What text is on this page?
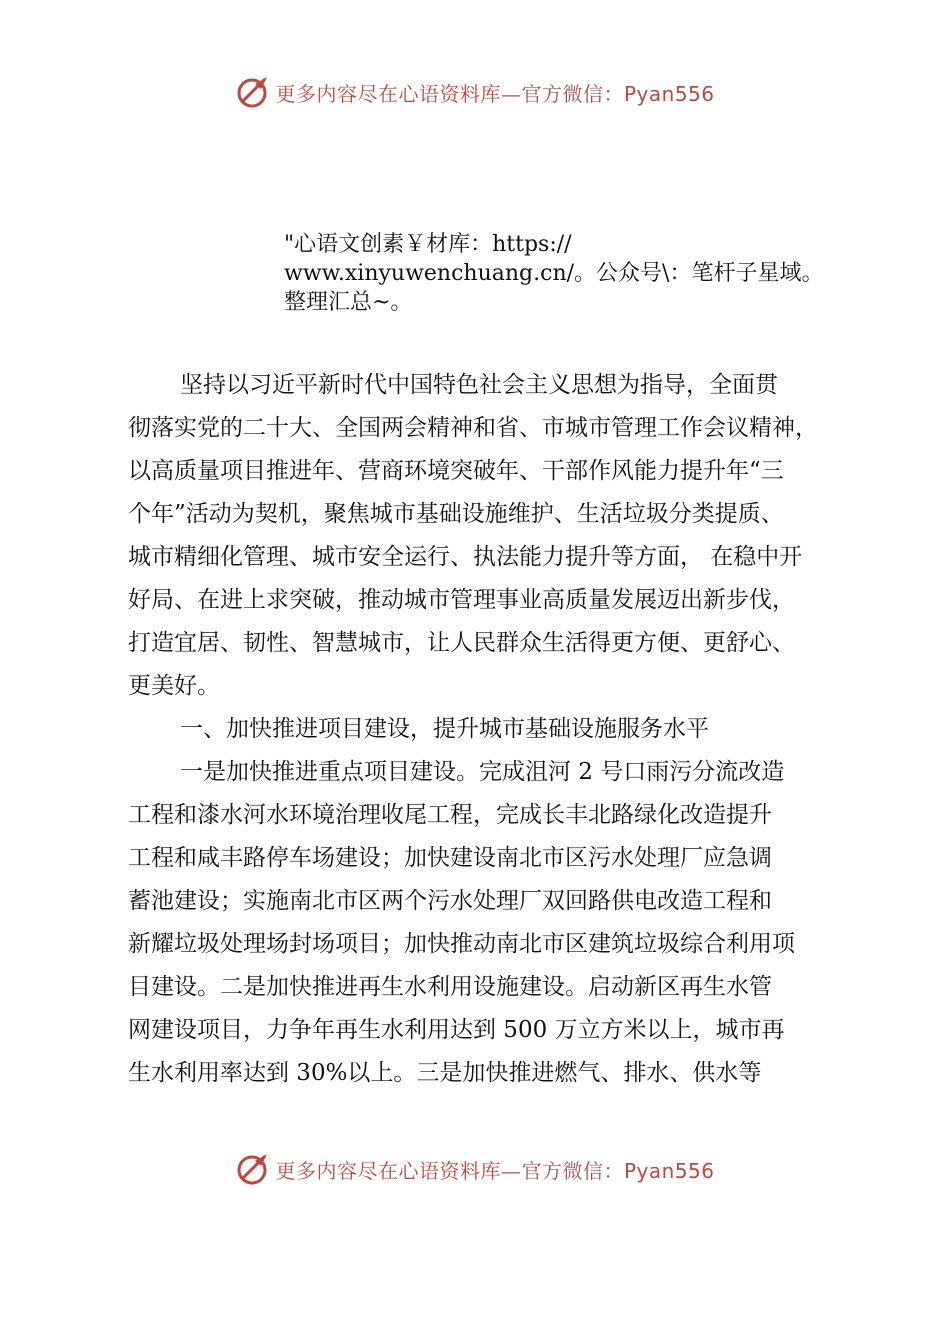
更多内容尽在心语资料库—官方微信：Pyan556
"心语文创素￥材库：https://
www.xinyuwenchuang.cn/。公众号\：笔杆子星域。
整理汇总~。
坚持以习近平新时代中国特色社会主义思想为指导，全面贯
彻落实党的二十大、全国两会精神和省、市城市管理工作会议精神，
以高质量项目推进年、营商环境突破年、干部作风能力提升年“三
个年”活动为契机，聚焦城市基础设施维护、生活垃圾分类提质、
城市精细化管理、城市安全运行、执法能力提升等方面， 在稳中开
好局、在进上求突破，推动城市管理事业高质量发展迈出新步伐，
打造宜居、韧性、智慧城市，让人民群众生活得更方便、更舒心、
更美好。
一、加快推进项目建设，提升城市基础设施服务水平
一是加快推进重点项目建设。完成沮河 2 号口雨污分流改造
工程和漆水河水环境治理收尾工程，完成长丰北路绿化改造提升
工程和咸丰路停车场建设；加快建设南北市区污水处理厂应急调
蓄池建设；实施南北市区两个污水处理厂双回路供电改造工程和
新耀垃圾处理场封场项目；加快推动南北市区建筑垃圾综合利用项
目建设。二是加快推进再生水利用设施建设。启动新区再生水管
网建设项目，力争年再生水利用达到 500 万立方米以上，城市再
生水利用率达到 30%以上。三是加快推进燃气、排水、供水等
更多内容尽在心语资料库—官方微信：Pyan556
